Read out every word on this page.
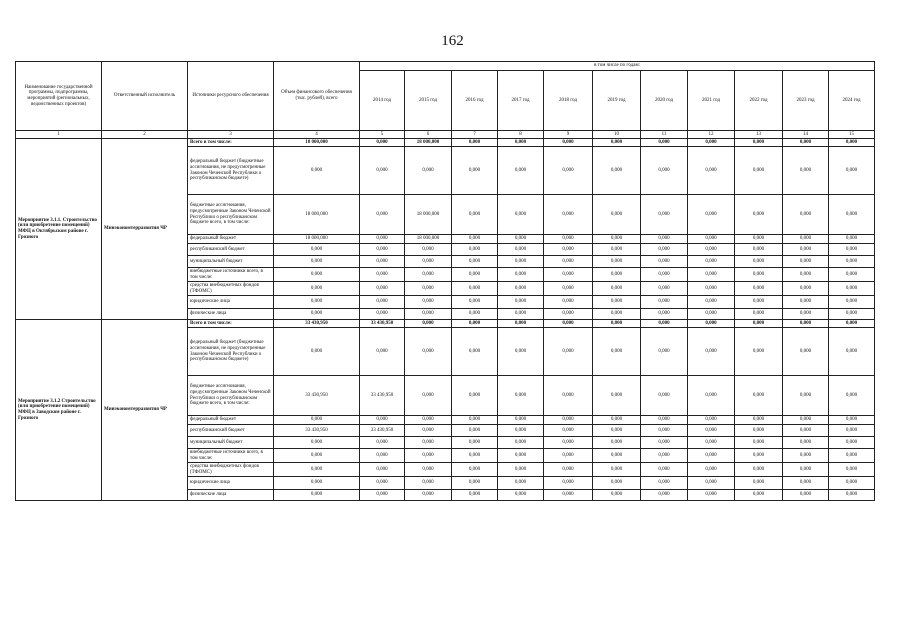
162
Наименование государственной программы, подпрограммы, мероприятий (региональных, ведомственных проектов)	Ответственный исполнитель	Источники ресурсного обеспечения	Объем финансового обеспечения (тыс. рублей), всего	в том числе по годам:										
				2014 год	2015 год	2016 год	2017 год	2018 год	2019 год	2020 год	2021 год	2022 год	2023 год	2024 год
1	2	3	4	5	6	7	8	9	10	11	12	13	14	15
Мероприятие 3.1.1. Строительство (или приобретение помещений) МФЦ в Октябрьском районе г. Грозного	Минэкономтерразвития ЧР	Всего в том числе:	18 000,000	0,000	18 000,000	0,000	0,000	0,000	0,000	0,000	0,000	0,000	0,000	0,000
		федеральный бюджет (бюджетные ассигнования, не предусмотренные Законом Чеченской Республики о республиканском бюджете)	0,000	0,000	0,000	0,000	0,000	0,000	0,000	0,000	0,000	0,000	0,000	0,000
		бюджетные ассигнования, предусмотренные Законом Чеченской Республики о республиканском бюджете всего, в том числе:	18 000,000	0,000	18 000,000	0,000	0,000	0,000	0,000	0,000	0,000	0,000	0,000	0,000
		федеральный бюджет	18 000,000	0,000	18 000,000	0,000	0,000	0,000	0,000	0,000	0,000	0,000	0,000	0,000
		республиканский бюджет	0,000	0,000	0,000	0,000	0,000	0,000	0,000	0,000	0,000	0,000	0,000	0,000
		муниципальный бюджет	0,000	0,000	0,000	0,000	0,000	0,000	0,000	0,000	0,000	0,000	0,000	0,000
		внебюджетные источники всего, в том числе:	0,000	0,000	0,000	0,000	0,000	0,000	0,000	0,000	0,000	0,000	0,000	0,000
		средства внебюджетных фондов (ТФОМС)	0,000	0,000	0,000	0,000	0,000	0,000	0,000	0,000	0,000	0,000	0,000	0,000
		юридические лица	0,000	0,000	0,000	0,000	0,000	0,000	0,000	0,000	0,000	0,000	0,000	0,000
		физические лица	0,000	0,000	0,000	0,000	0,000	0,000	0,000	0,000	0,000	0,000	0,000	0,000
Мероприятие 3.1.2 Строительство (или приобретение помещений) МФЦ в Заводском районе г. Грозного	Минэкономтерразвития ЧР	Всего в том числе:	33 430,950	33 430,950	0,000	0,000	0,000	0,000	0,000	0,000	0,000	0,000	0,000	0,000
		федеральный бюджет (бюджетные ассигнования, не предусмотренные Законом Чеченской Республики о республиканском бюджете)	0,000	0,000	0,000	0,000	0,000	0,000	0,000	0,000	0,000	0,000	0,000	0,000
		бюджетные ассигнования, предусмотренные Законом Чеченской Республики о республиканском бюджете всего, в том числе:	33 430,950	33 430,950	0,000	0,000	0,000	0,000	0,000	0,000	0,000	0,000	0,000	0,000
		федеральный бюджет	0,000	0,000	0,000	0,000	0,000	0,000	0,000	0,000	0,000	0,000	0,000	0,000
		республиканский бюджет	33 430,950	33 430,950	0,000	0,000	0,000	0,000	0,000	0,000	0,000	0,000	0,000	0,000
		муниципальный бюджет	0,000	0,000	0,000	0,000	0,000	0,000	0,000	0,000	0,000	0,000	0,000	0,000
		внебюджетные источники всего, в том числе:	0,000	0,000	0,000	0,000	0,000	0,000	0,000	0,000	0,000	0,000	0,000	0,000
		средства внебюджетных фондов (ТФОМС)	0,000	0,000	0,000	0,000	0,000	0,000	0,000	0,000	0,000	0,000	0,000	0,000
		юридические лица	0,000	0,000	0,000	0,000	0,000	0,000	0,000	0,000	0,000	0,000	0,000	0,000
		физические лица	0,000	0,000	0,000	0,000	0,000	0,000	0,000	0,000	0,000	0,000	0,000	0,000
